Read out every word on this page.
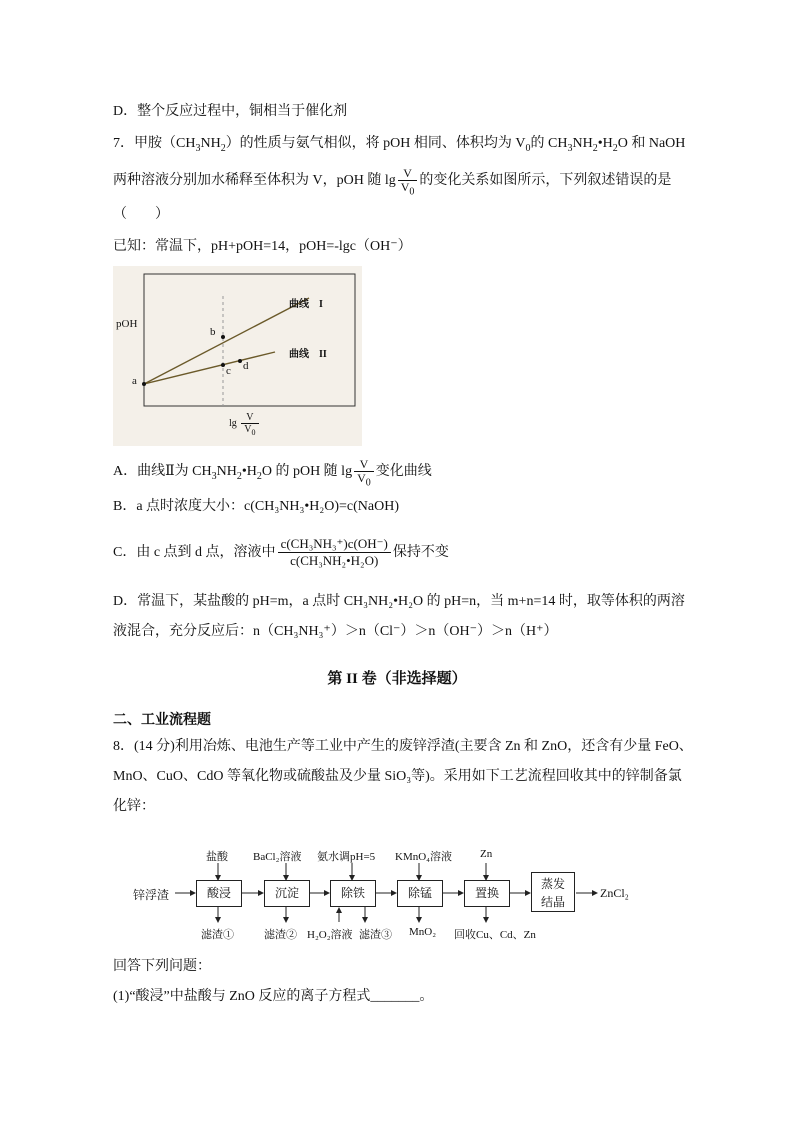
D．整个反应过程中，铜相当于催化剂
7．甲胺$(CH_3NH_2)$的性质与氨气相似，将 pOH 相同、体积均为 $V_0$的 $CH_3NH_2•H_2O$ 和 NaOH
两种溶液分别加水稀释至体积为 V，pOH 随 $\lg \frac{V}{V_0}$ 的变化关系如图所示，下列叙述错误的是
（　　）
已知：常温下，pH+pOH=14，pOH=-lgc（OH⁻）
pOH
曲线　I
曲线　II
a
b
c d
$\lg \frac{V}{V_0}$
A．曲线Ⅱ为 $CH_3NH_2•H_2O$ 的 pOH 随 $\lg \frac{V}{V_0}$ 变化曲线
B．a 点时浓度大小：c(CH₃NH₃•H₂O)=c(NaOH)
C．由 c 点到 d 点，溶液中 $\frac{\text{c(CH₃NH₃⁺)c(OH⁻)}}{\text{c(CH₃NH₂•H₂O)}}$ 保持不变
D．常温下，某盐酸的 pH=m，a 点时 CH₃NH₂•H₂O 的 pH=n，当 m+n=14 时，取等体积的两溶
液混合，充分反应后：n（CH₃NH₃⁺）＞n（Cl⁻）＞n（OH⁻）＞n（H⁺）
第 II 卷（非选择题）
二、工业流程题
8．(14 分)利用冶炼、电池生产等工业中产生的废锌浮渣(主要含 Zn 和 ZnO，还含有少量 FeO、
MnO、CuO、CdO 等氧化物或硫酸盐及少量 SiO₃等)。采用如下工艺流程回收其中的锌制备氯
化锌：
锌浮渣	酸浸	沉淀	除铁	除锰	置换
蒸发
结晶
ZnCl₂
盐酸 BaCl₂溶液 氨水调pH=5 KMnO₄溶液	Zn
滤渣①	滤渣② H₂O₂溶液 滤渣③ MnO₂ 回收Cu、Cd、Zn
回答下列问题：
(1)“酸浸”中盐酸与 ZnO 反应的离子方程式_______。
